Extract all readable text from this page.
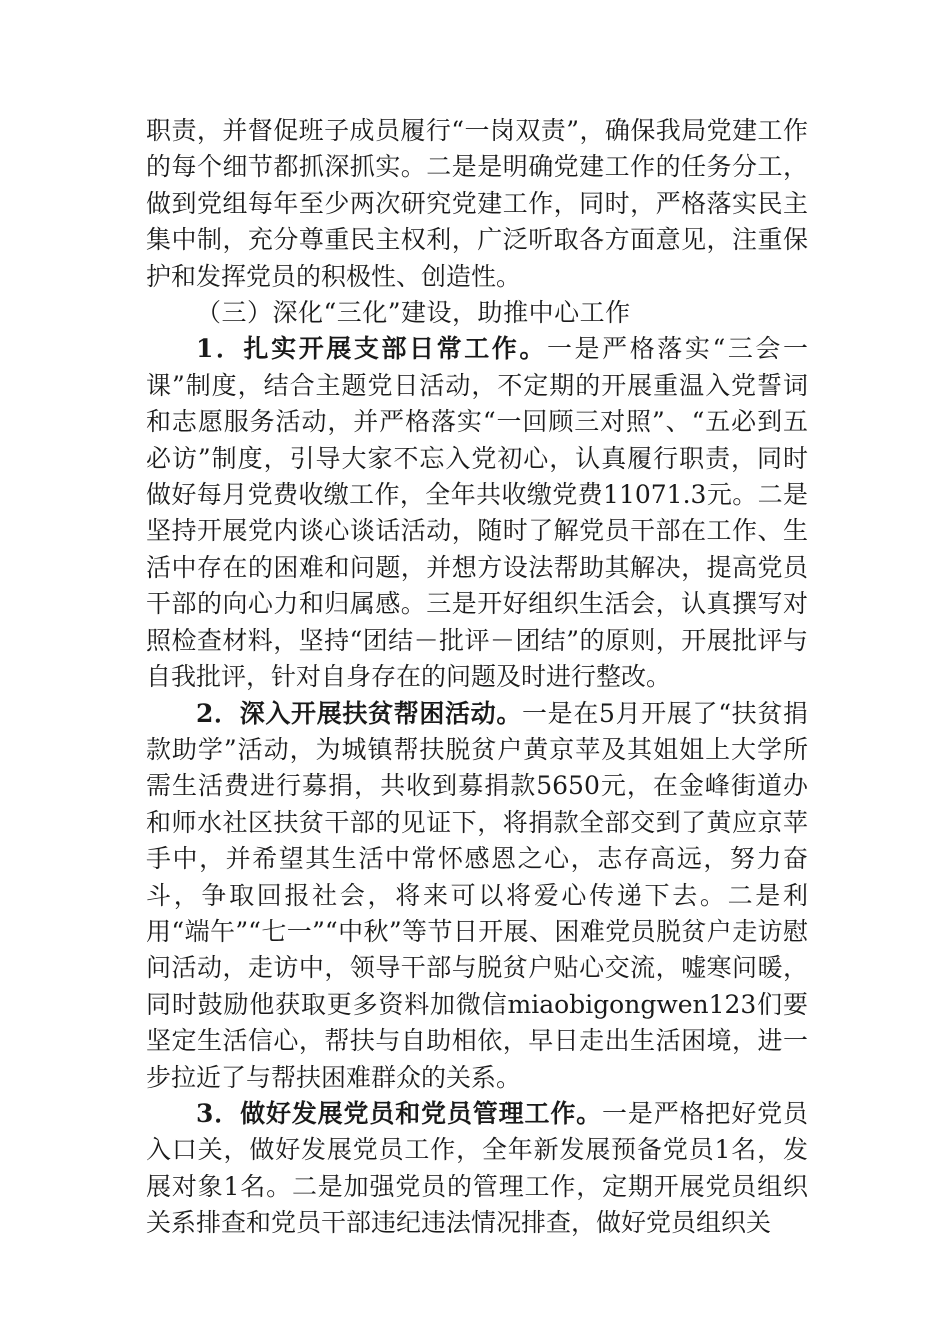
职责，并督促班子成员履行“一岗双责”，确保我局党建工作的每个细节都抓深抓实。二是是明确党建工作的任务分工，做到党组每年至少两次研究党建工作，同时，严格落实民主集中制，充分尊重民主权利，广泛听取各方面意见，注重保护和发挥党员的积极性、创造性。

（三）深化“三化”建设，助推中心工作

1．扎实开展支部日常工作。一是严格落实“三会一课”制度，结合主题党日活动，不定期的开展重温入党誓词和志愿服务活动，并严格落实“一回顾三对照”、“五必到五必访”制度，引导大家不忘入党初心，认真履行职责，同时做好每月党费收缴工作，全年共收缴党费11071.3元。二是坚持开展党内谈心谈话活动，随时了解党员干部在工作、生活中存在的困难和问题，并想方设法帮助其解决，提高党员干部的向心力和归属感。三是开好组织生活会，认真撰写对照检查材料，坚持“团结－批评－团结”的原则，开展批评与自我批评，针对自身存在的问题及时进行整改。

2．深入开展扶贫帮困活动。一是在5月开展了“扶贫捐款助学”活动，为城镇帮扶脱贫户黄京苹及其姐姐上大学所需生活费进行募捐，共收到募捐款5650元，在金峰街道办和师水社区扶贫干部的见证下，将捐款全部交到了黄应京苹手中，并希望其生活中常怀感恩之心，志存高远，努力奋斗，争取回报社会，将来可以将爱心传递下去。二是利用“端午”“七一”“中秋”等节日开展、困难党员脱贫户走访慰问活动，走访中，领导干部与脱贫户贴心交流，嘘寒问暖，同时鼓励他获取更多资料加微信miaobigongwen123们要坚定生活信心，帮扶与自助相依，早日走出生活困境，进一步拉近了与帮扶困难群众的关系。

3．做好发展党员和党员管理工作。一是严格把好党员入口关，做好发展党员工作，全年新发展预备党员1名，发展对象1名。二是加强党员的管理工作，定期开展党员组织关系排查和党员干部违纪违法情况排查，做好党员组织关
